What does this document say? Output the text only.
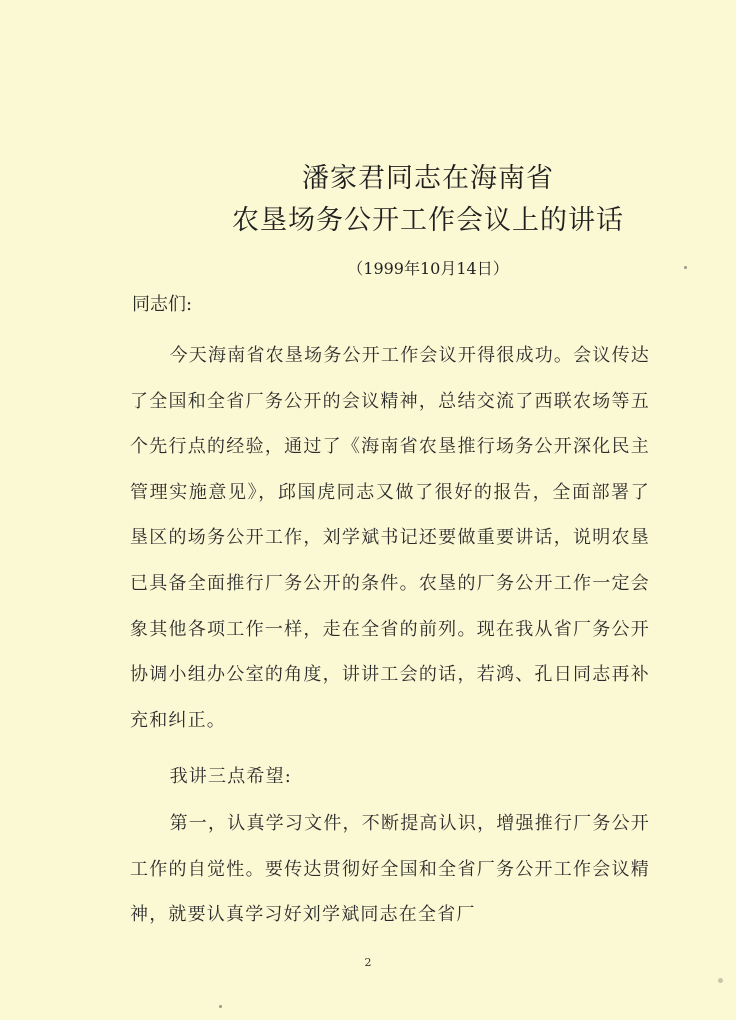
潘家君同志在海南省
农垦场务公开工作会议上的讲话
（1999年10月14日）
同志们:

今天海南省农垦场务公开工作会议开得很成功。会议传达了全国和全省厂务公开的会议精神，总结交流了西联农场等五个先行点的经验，通过了《海南省农垦推行场务公开深化民主管理实施意见》，邱国虎同志又做了很好的报告，全面部署了垦区的场务公开工作，刘学斌书记还要做重要讲话，说明农垦已具备全面推行厂务公开的条件。农垦的厂务公开工作一定会象其他各项工作一样，走在全省的前列。现在我从省厂务公开协调小组办公室的角度，讲讲工会的话，若鸿、孔日同志再补充和纠正。

我讲三点希望:

第一，认真学习文件，不断提高认识，增强推行厂务公开工作的自觉性。要传达贯彻好全国和全省厂务公开工作会议精神，就要认真学习好刘学斌同志在全省厂

2
